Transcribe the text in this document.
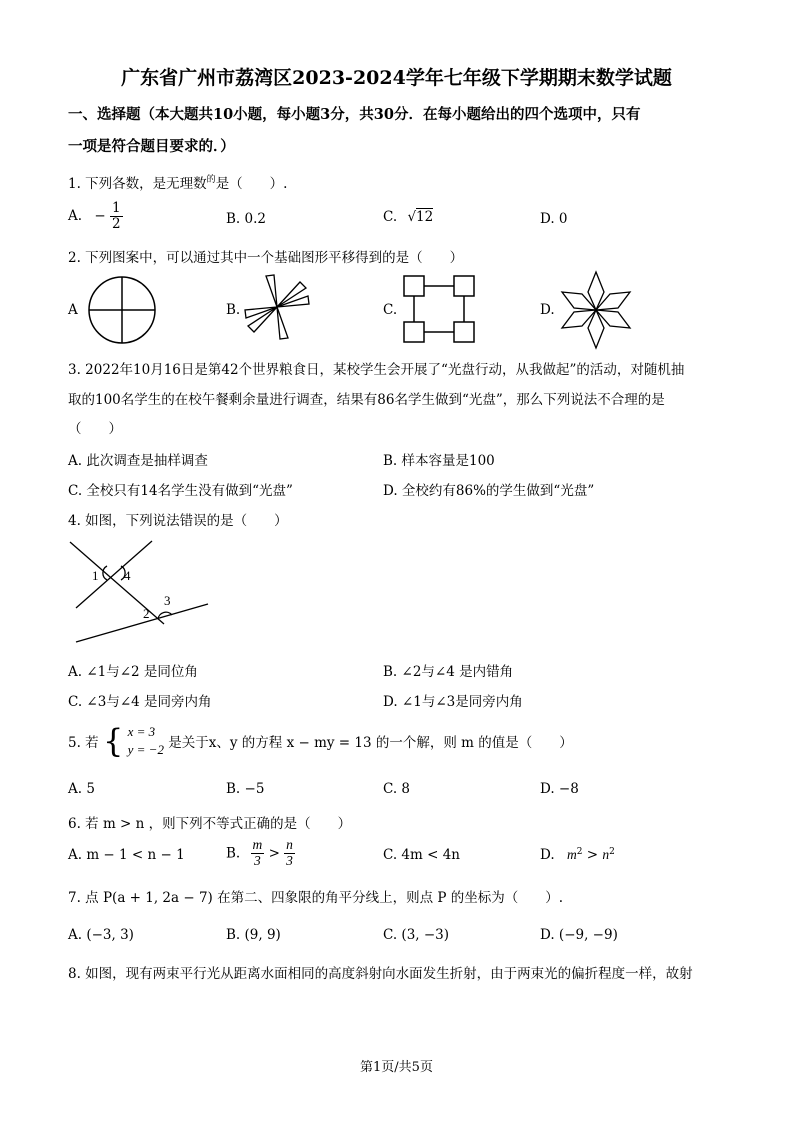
广东省广州市荔湾区2023-2024学年七年级下学期期末数学试题
一、选择题（本大题共10小题，每小题3分，共30分．在每小题给出的四个选项中，只有
一项是符合题目要求的．）
1. 下列各数，是无理数$^的$是（　　）.
A. − $\frac{1}{2}$	B. 0.2	C. √12	D. 0
2. 下列图案中，可以通过其中一个基础图形平移得到的是（　　）
A	B.	C.	D.
3. 2022年10月16日是第42个世界粮食日，某校学生会开展了“光盘行动，从我做起”的活动，对随机抽
取的100名学生的在校午餐剩余量进行调查，结果有86名学生做到“光盘”，那么下列说法不合理的是
（　　）
A. 此次调查是抽样调查	B. 样本容量是100
C. 全校只有14名学生没有做到“光盘”	D. 全校约有86%的学生做到“光盘”
4. 如图，下列说法错误的是（　　）
1 4
2
3
A. ∠1与∠2 是同位角	B. ∠2与∠4 是内错角
C. ∠3与∠4 是同旁内角	D. ∠1与∠3是同旁内角
5. 若 { x = 3
y = −2 是关于x、y 的方程 x − my = 13 的一个解，则 m 的值是（　　）
A. 5	B. −5	C. 8	D. −8
6. 若 m > n ，则下列不等式正确的是（　　）
A. m − 1 < n − 1	B. $\frac{m}{3} > \frac{n}{3}$	C. 4m < 4n	D. $m^2 > n^2$
7. 点 P(a + 1, 2a − 7) 在第二、四象限的角平分线上，则点 P 的坐标为（　　）.
A. (−3, 3)	B. (9, 9)	C. (3, −3)	D. (−9, −9)
8. 如图，现有两束平行光从距离水面相同的高度斜射向水面发生折射，由于两束光的偏折程度一样，故射
第1页/共5页
